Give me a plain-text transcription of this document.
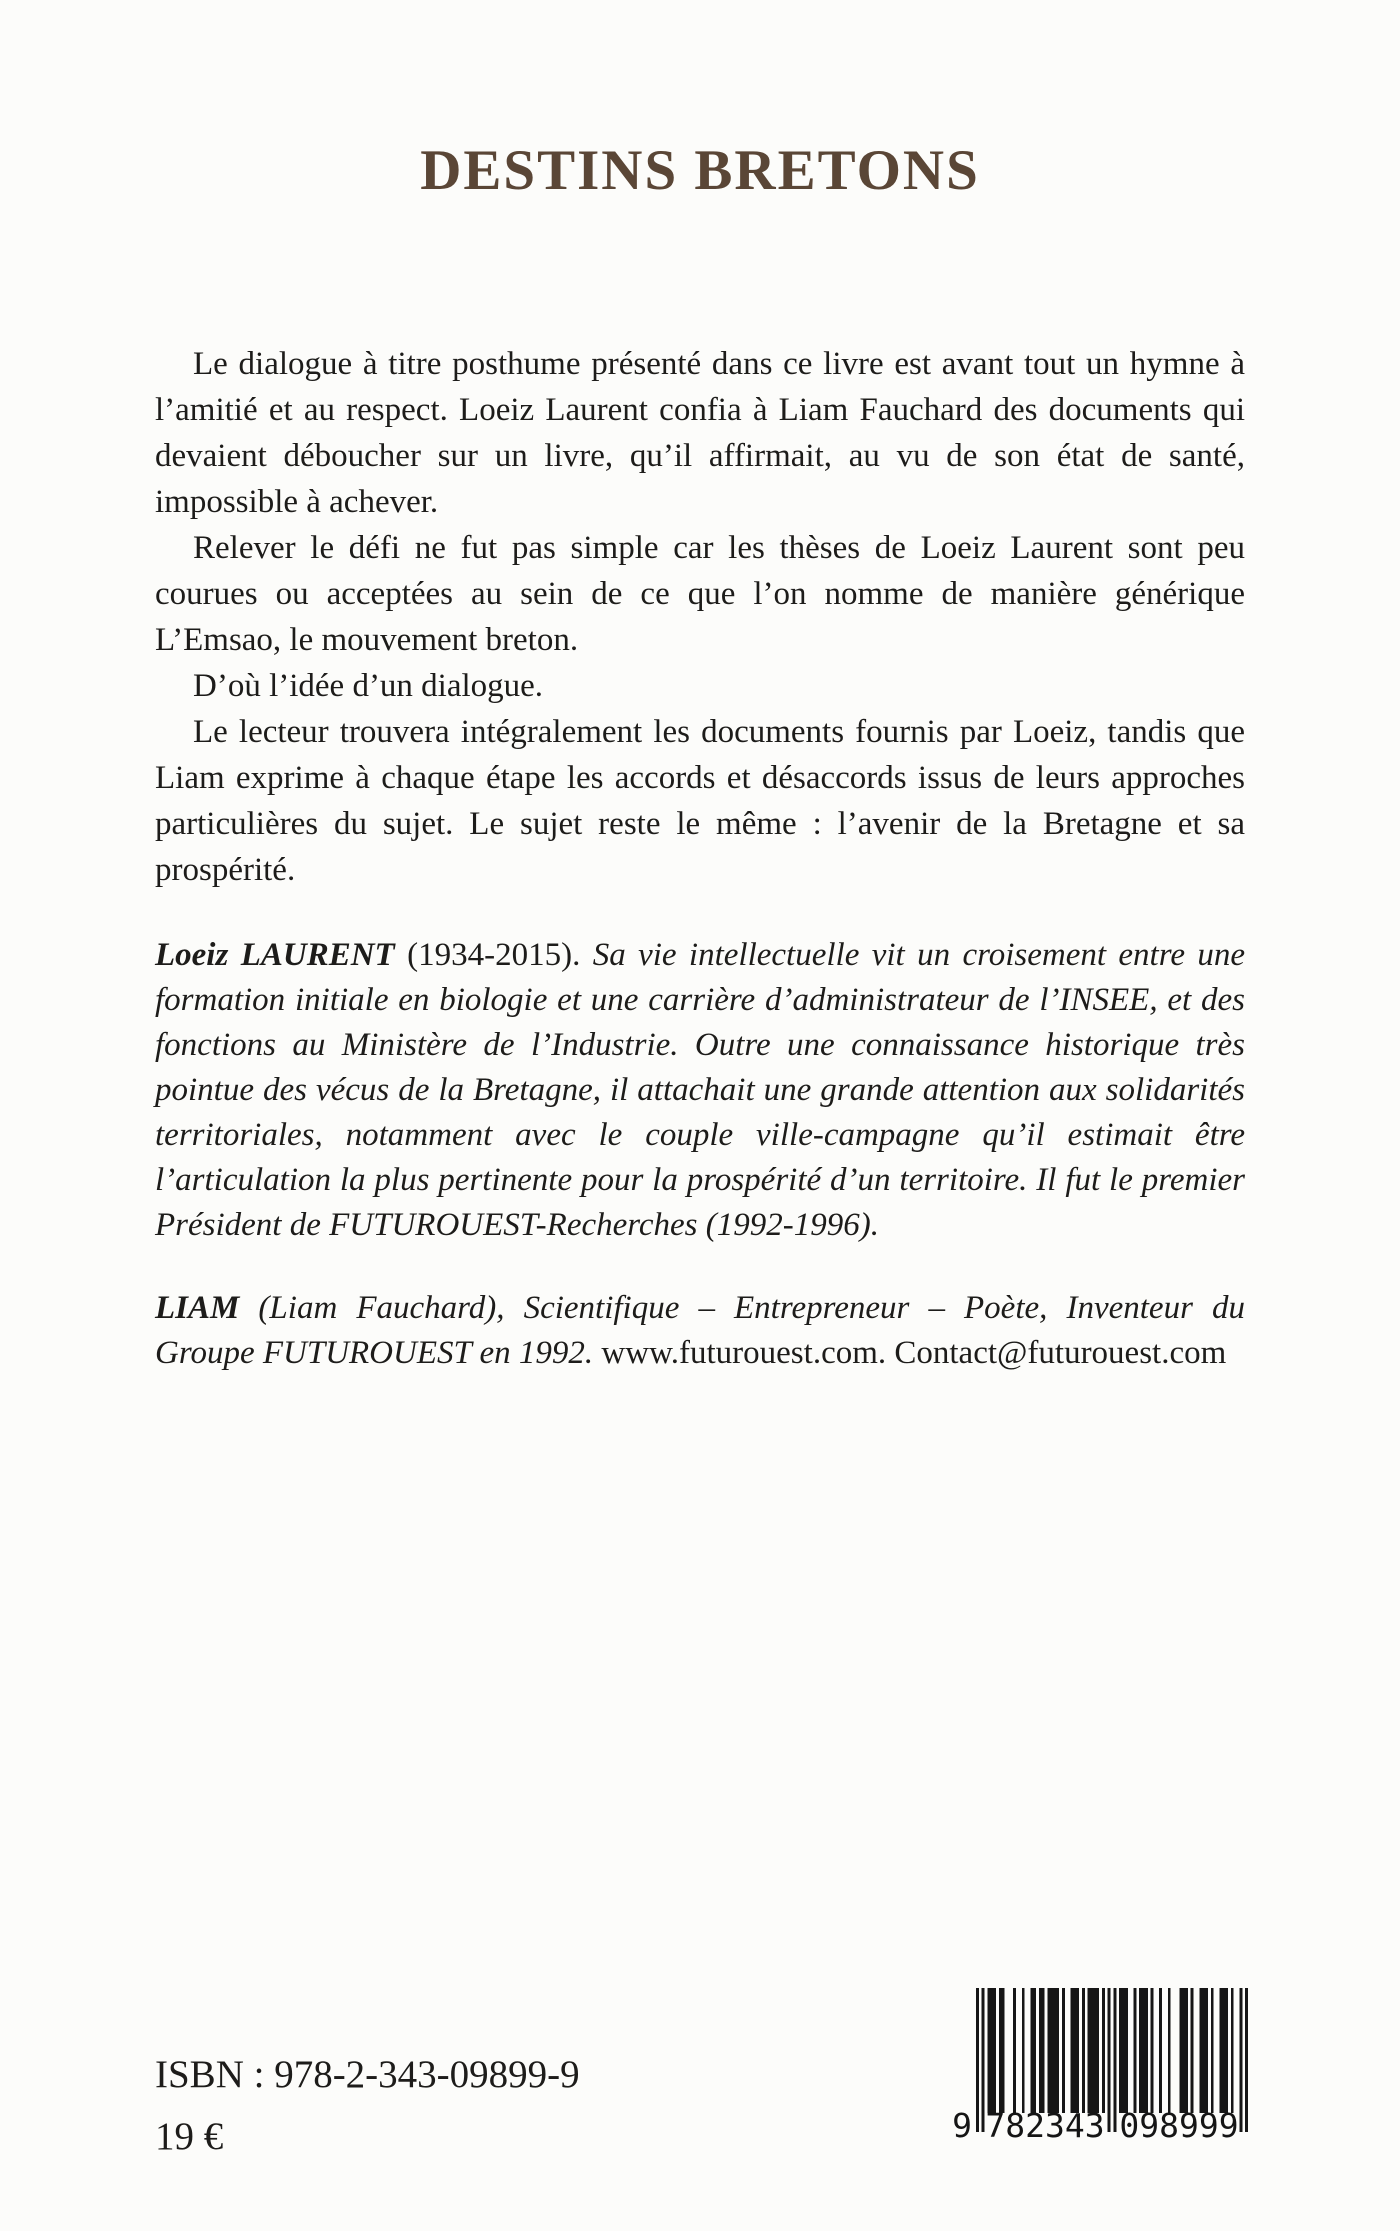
DESTINS BRETONS

Le dialogue à titre posthume présenté dans ce livre est avant tout un hymne à l’amitié et au respect. Loeiz Laurent confia à Liam Fauchard des documents qui devaient déboucher sur un livre, qu’il affirmait, au vu de son état de santé, impossible à achever.

Relever le défi ne fut pas simple car les thèses de Loeiz Laurent sont peu courues ou acceptées au sein de ce que l’on nomme de manière générique L’Emsao, le mouvement breton.

D’où l’idée d’un dialogue.

Le lecteur trouvera intégralement les documents fournis par Loeiz, tandis que Liam exprime à chaque étape les accords et désaccords issus de leurs approches particulières du sujet. Le sujet reste le même : l’avenir de la Bretagne et sa prospérité.

Loeiz LAURENT (1934-2015). Sa vie intellectuelle vit un croisement entre une formation initiale en biologie et une carrière d’administrateur de l’INSEE, et des fonctions au Ministère de l’Industrie. Outre une connaissance historique très pointue des vécus de la Bretagne, il attachait une grande attention aux solidarités territoriales, notamment avec le couple ville-campagne qu’il estimait être l’articulation la plus pertinente pour la prospérité d’un territoire. Il fut le premier Président de FUTUROUEST-Recherches (1992-1996).

LIAM (Liam Fauchard), Scientifique – Entrepreneur – Poète, Inventeur du Groupe FUTUROUEST en 1992. www.futurouest.com. Contact@futurouest.com

ISBN : 978-2-343-09899-9
19 €	9 782343 098999
